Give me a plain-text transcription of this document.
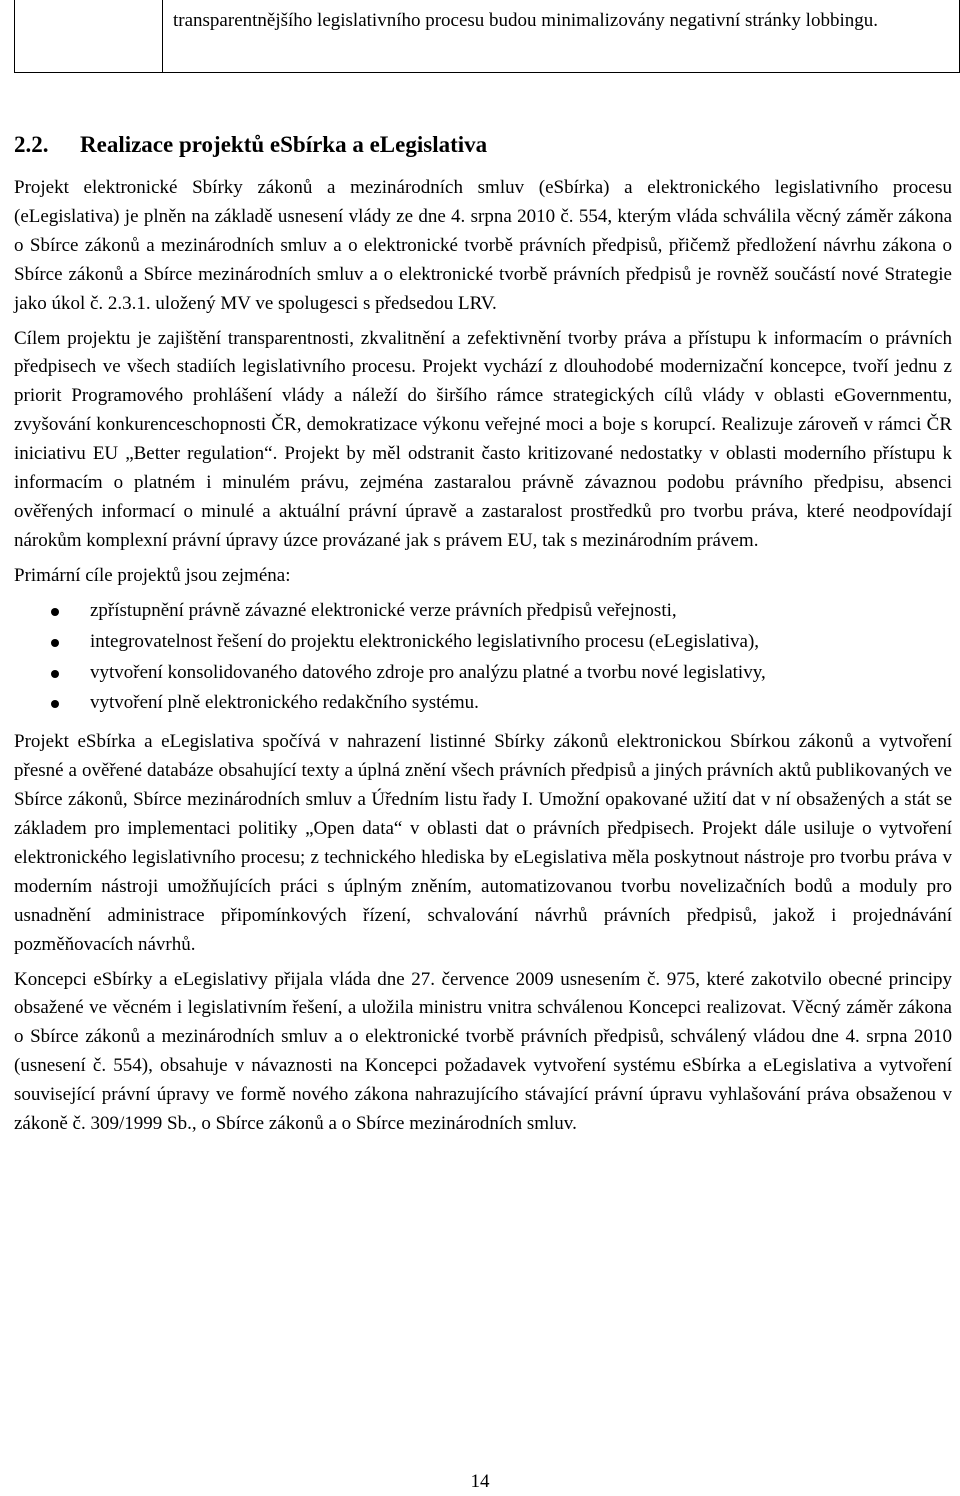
transparentnějšího legislativního procesu budou minimalizovány negativní stránky lobbingu.
2.2. Realizace projektů eSbírka a eLegislativa

Projekt elektronické Sbírky zákonů a mezinárodních smluv (eSbírka) a elektronického legislativního procesu (eLegislativa) je plněn na základě usnesení vlády ze dne 4. srpna 2010 č. 554, kterým vláda schválila věcný záměr zákona o Sbírce zákonů a mezinárodních smluv a o elektronické tvorbě právních předpisů, přičemž předložení návrhu zákona o Sbírce zákonů a Sbírce mezinárodních smluv a o elektronické tvorbě právních předpisů je rovněž součástí nové Strategie jako úkol č. 2.3.1. uložený MV ve spolugesci s předsedou LRV.

Cílem projektu je zajištění transparentnosti, zkvalitnění a zefektivnění tvorby práva a přístupu k informacím o právních předpisech ve všech stadiích legislativního procesu. Projekt vychází z dlouhodobé modernizační koncepce, tvoří jednu z priorit Programového prohlášení vlády a náleží do širšího rámce strategických cílů vlády v oblasti eGovernmentu, zvyšování konkurenceschopnosti ČR, demokratizace výkonu veřejné moci a boje s korupcí. Realizuje zároveň v rámci ČR iniciativu EU „Better regulation“. Projekt by měl odstranit často kritizované nedostatky v oblasti moderního přístupu k informacím o platném i minulém právu, zejména zastaralou právně závaznou podobu právního předpisu, absenci ověřených informací o minulé a aktuální právní úpravě a zastaralost prostředků pro tvorbu práva, které neodpovídají nárokům komplexní právní úpravy úzce provázané jak s právem EU, tak s mezinárodním právem.

Primární cíle projektů jsou zejména:

zpřístupnění právně závazné elektronické verze právních předpisů veřejnosti,
integrovatelnost řešení do projektu elektronického legislativního procesu (eLegislativa),
vytvoření konsolidovaného datového zdroje pro analýzu platné a tvorbu nové legislativy,
vytvoření plně elektronického redakčního systému.

Projekt eSbírka a eLegislativa spočívá v nahrazení listinné Sbírky zákonů elektronickou Sbírkou zákonů a vytvoření přesné a ověřené databáze obsahující texty a úplná znění všech právních předpisů a jiných právních aktů publikovaných ve Sbírce zákonů, Sbírce mezinárodních smluv a Úředním listu řady I. Umožní opakované užití dat v ní obsažených a stát se základem pro implementaci politiky „Open data“ v oblasti dat o právních předpisech. Projekt dále usiluje o vytvoření elektronického legislativního procesu; z technického hlediska by eLegislativa měla poskytnout nástroje pro tvorbu práva v moderním nástroji umožňujících práci s úplným zněním, automatizovanou tvorbu novelizačních bodů a moduly pro usnadnění administrace připomínkových řízení, schvalování návrhů právních předpisů, jakož i projednávání pozměňovacích návrhů.

Koncepci eSbírky a eLegislativy přijala vláda dne 27. července 2009 usnesením č. 975, které zakotvilo obecné principy obsažené ve věcném i legislativním řešení, a uložila ministru vnitra schválenou Koncepci realizovat. Věcný záměr zákona o Sbírce zákonů a mezinárodních smluv a o elektronické tvorbě právních předpisů, schválený vládou dne 4. srpna 2010 (usnesení č. 554), obsahuje v návaznosti na Koncepci požadavek vytvoření systému eSbírka a eLegislativa a vytvoření související právní úpravy ve formě nového zákona nahrazujícího stávající právní úpravu vyhlašování práva obsaženou v zákoně č. 309/1999 Sb., o Sbírce zákonů a o Sbírce mezinárodních smluv.

14
